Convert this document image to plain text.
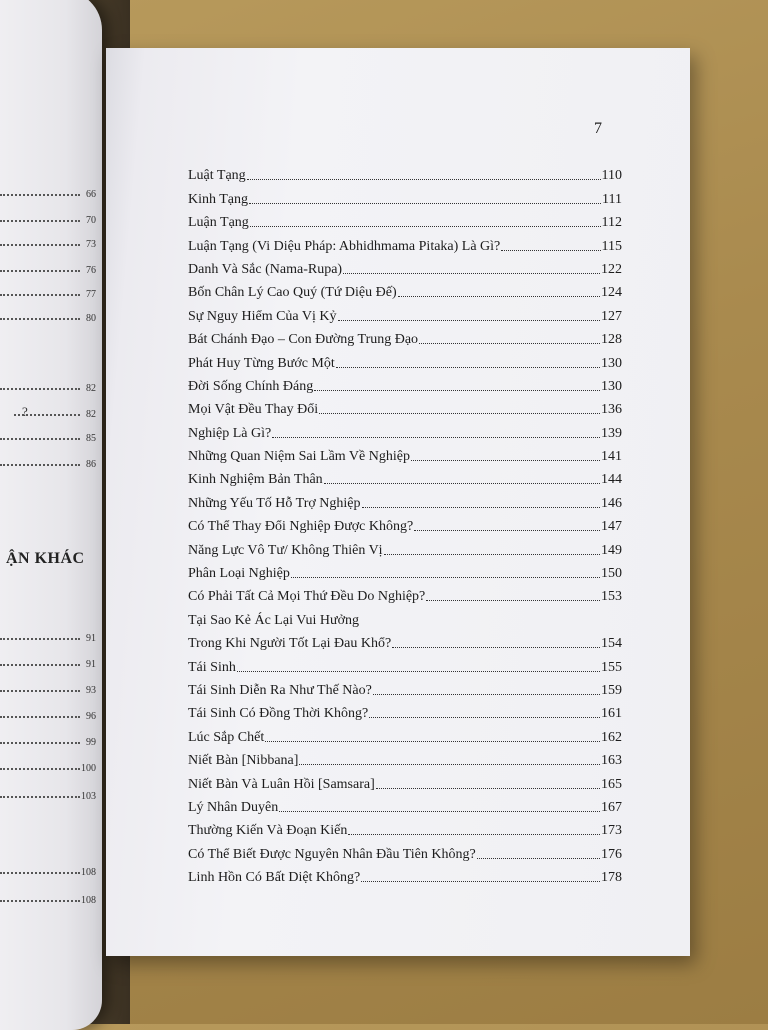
66
70
73
76
77
80
82
82
?
85
86
ẬN KHÁC
91
91
93
96
99
100
103
108
108
7
Luật Tạng	110
Kinh Tạng	111
Luận Tạng	112
Luận Tạng (Vi Diệu Pháp: Abhidhmama Pitaka) Là Gì?	115
Danh Và Sắc (Nama-Rupa)	122
Bốn Chân Lý Cao Quý (Tứ Diệu Đế)	124
Sự Nguy Hiểm Của Vị Kỷ	127
Bát Chánh Đạo – Con Đường Trung Đạo	128
Phát Huy Từng Bước Một	130
Đời Sống Chính Đáng	130
Mọi Vật Đều Thay Đổi	136
Nghiệp Là Gì?	139
Những Quan Niệm Sai Lầm Về Nghiệp	141
Kinh Nghiệm Bản Thân	144
Những Yếu Tố Hỗ Trợ Nghiệp	146
Có Thể Thay Đổi Nghiệp Được Không?	147
Năng Lực Vô Tư/ Không Thiên Vị	149
Phân Loại Nghiệp	150
Có Phải Tất Cả Mọi Thứ Đều Do Nghiệp?	153
Tại Sao Kẻ Ác Lại Vui Hưởng
Trong Khi Người Tốt Lại Đau Khổ?	154
Tái Sinh	155
Tái Sinh Diễn Ra Như Thế Nào?	159
Tái Sinh Có Đồng Thời Không?	161
Lúc Sắp Chết	162
Niết Bàn [Nibbana]	163
Niết Bàn Và Luân Hồi [Samsara]	165
Lý Nhân Duyên	167
Thường Kiến Và Đoạn Kiến	173
Có Thể Biết Được Nguyên Nhân Đầu Tiên Không?	176
Linh Hồn Có Bất Diệt Không?	178
